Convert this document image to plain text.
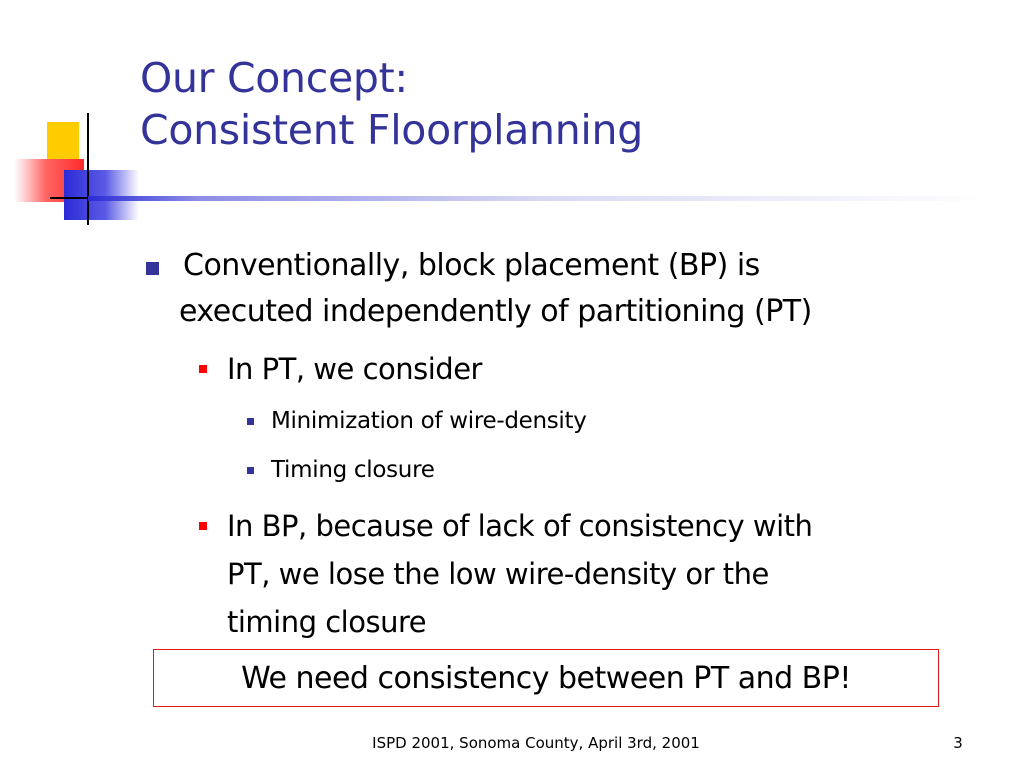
Our Concept:
Consistent Floorplanning
Conventionally, block placement (BP) is
executed independently of partitioning (PT)
In PT, we consider
Minimization of wire-density
Timing closure
In BP, because of lack of consistency with
PT, we lose the low wire-density or the
timing closure
We need consistency between PT and BP!
ISPD 2001, Sonoma County, April 3rd, 2001	3
